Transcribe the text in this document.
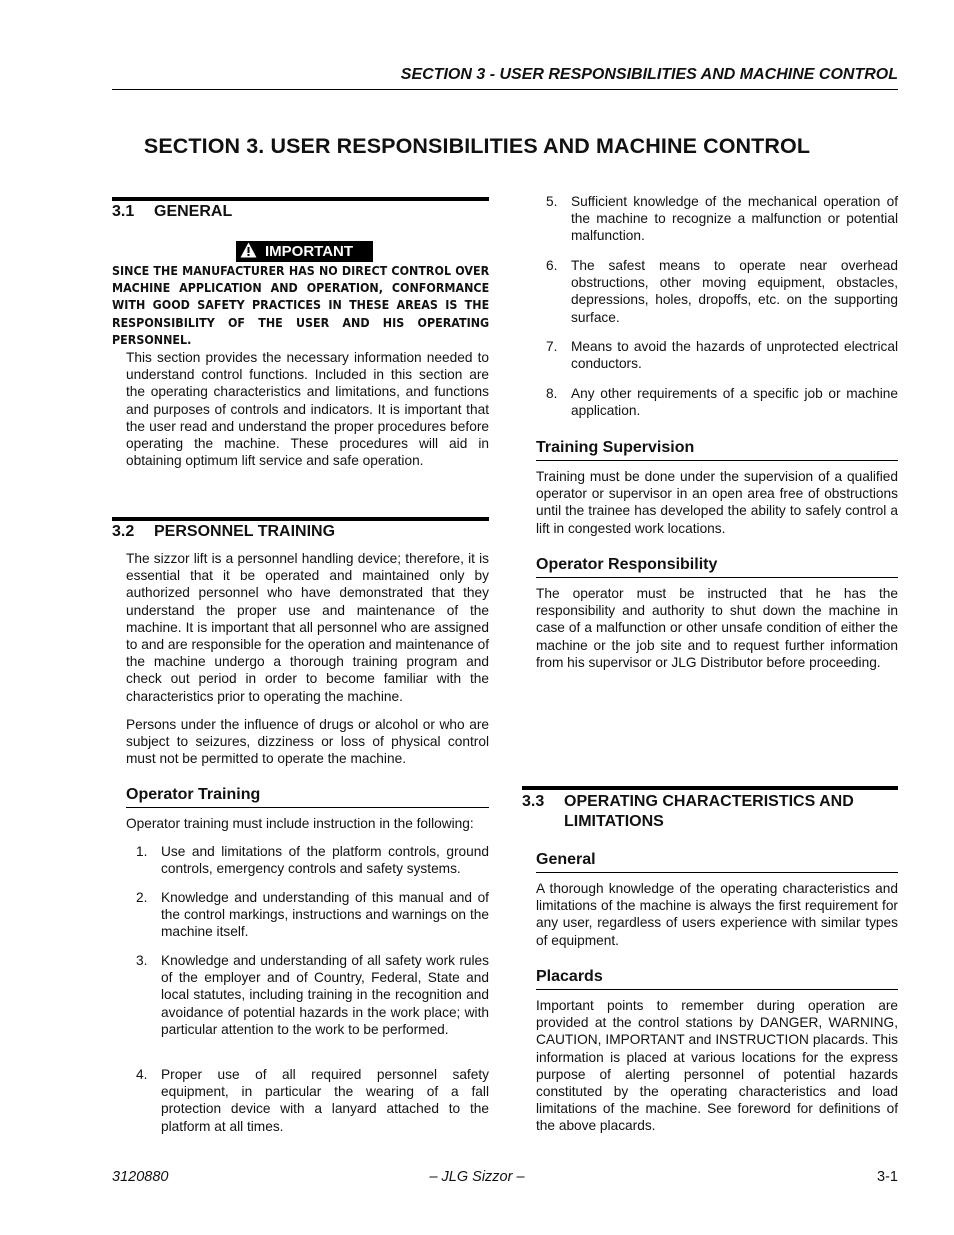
SECTION 3 - USER RESPONSIBILITIES AND MACHINE CONTROL
SECTION 3. USER RESPONSIBILITIES AND MACHINE CONTROL
3.1	GENERAL
IMPORTANT
SINCE THE MANUFACTURER HAS NO DIRECT CONTROL OVER MACHINE APPLICATION AND OPERATION, CONFORMANCE WITH GOOD SAFETY PRACTICES IN THESE AREAS IS THE RESPONSIBILITY OF THE USER AND HIS OPERATING PERSONNEL.
This section provides the necessary information needed to understand control functions. Included in this section are the operating characteristics and limitations, and functions and purposes of controls and indicators. It is important that the user read and understand the proper procedures before operating the machine. These procedures will aid in obtaining optimum lift service and safe operation.
3.2	PERSONNEL TRAINING
The sizzor lift is a personnel handling device; therefore, it is essential that it be operated and maintained only by authorized personnel who have demonstrated that they understand the proper use and maintenance of the machine. It is important that all personnel who are assigned to and are responsible for the operation and maintenance of the machine undergo a thorough training program and check out period in order to become familiar with the characteristics prior to operating the machine.
Persons under the influence of drugs or alcohol or who are subject to seizures, dizziness or loss of physical control must not be permitted to operate the machine.
Operator Training
Operator training must include instruction in the following:
1. Use and limitations of the platform controls, ground controls, emergency controls and safety systems.
2. Knowledge and understanding of this manual and of the control markings, instructions and warnings on the machine itself.
3. Knowledge and understanding of all safety work rules of the employer and of Country, Federal, State and local statutes, including training in the recognition and avoidance of potential hazards in the work place; with particular attention to the work to be performed.
4. Proper use of all required personnel safety equipment, in particular the wearing of a fall protection device with a lanyard attached to the platform at all times.
5. Sufficient knowledge of the mechanical operation of the machine to recognize a malfunction or potential malfunction.
6. The safest means to operate near overhead obstructions, other moving equipment, obstacles, depressions, holes, dropoffs, etc. on the supporting surface.
7. Means to avoid the hazards of unprotected electrical conductors.
8. Any other requirements of a specific job or machine application.
Training Supervision
Training must be done under the supervision of a qualified operator or supervisor in an open area free of obstructions until the trainee has developed the ability to safely control a lift in congested work locations.
Operator Responsibility
The operator must be instructed that he has the responsibility and authority to shut down the machine in case of a malfunction or other unsafe condition of either the machine or the job site and to request further information from his supervisor or JLG Distributor before proceeding.
3.3	OPERATING CHARACTERISTICS AND LIMITATIONS
General
A thorough knowledge of the operating characteristics and limitations of the machine is always the first requirement for any user, regardless of users experience with similar types of equipment.
Placards
Important points to remember during operation are provided at the control stations by DANGER, WARNING, CAUTION, IMPORTANT and INSTRUCTION placards. This information is placed at various locations for the express purpose of alerting personnel of potential hazards constituted by the operating characteristics and load limitations of the machine. See foreword for definitions of the above placards.
3120880	– JLG Sizzor –	3-1
